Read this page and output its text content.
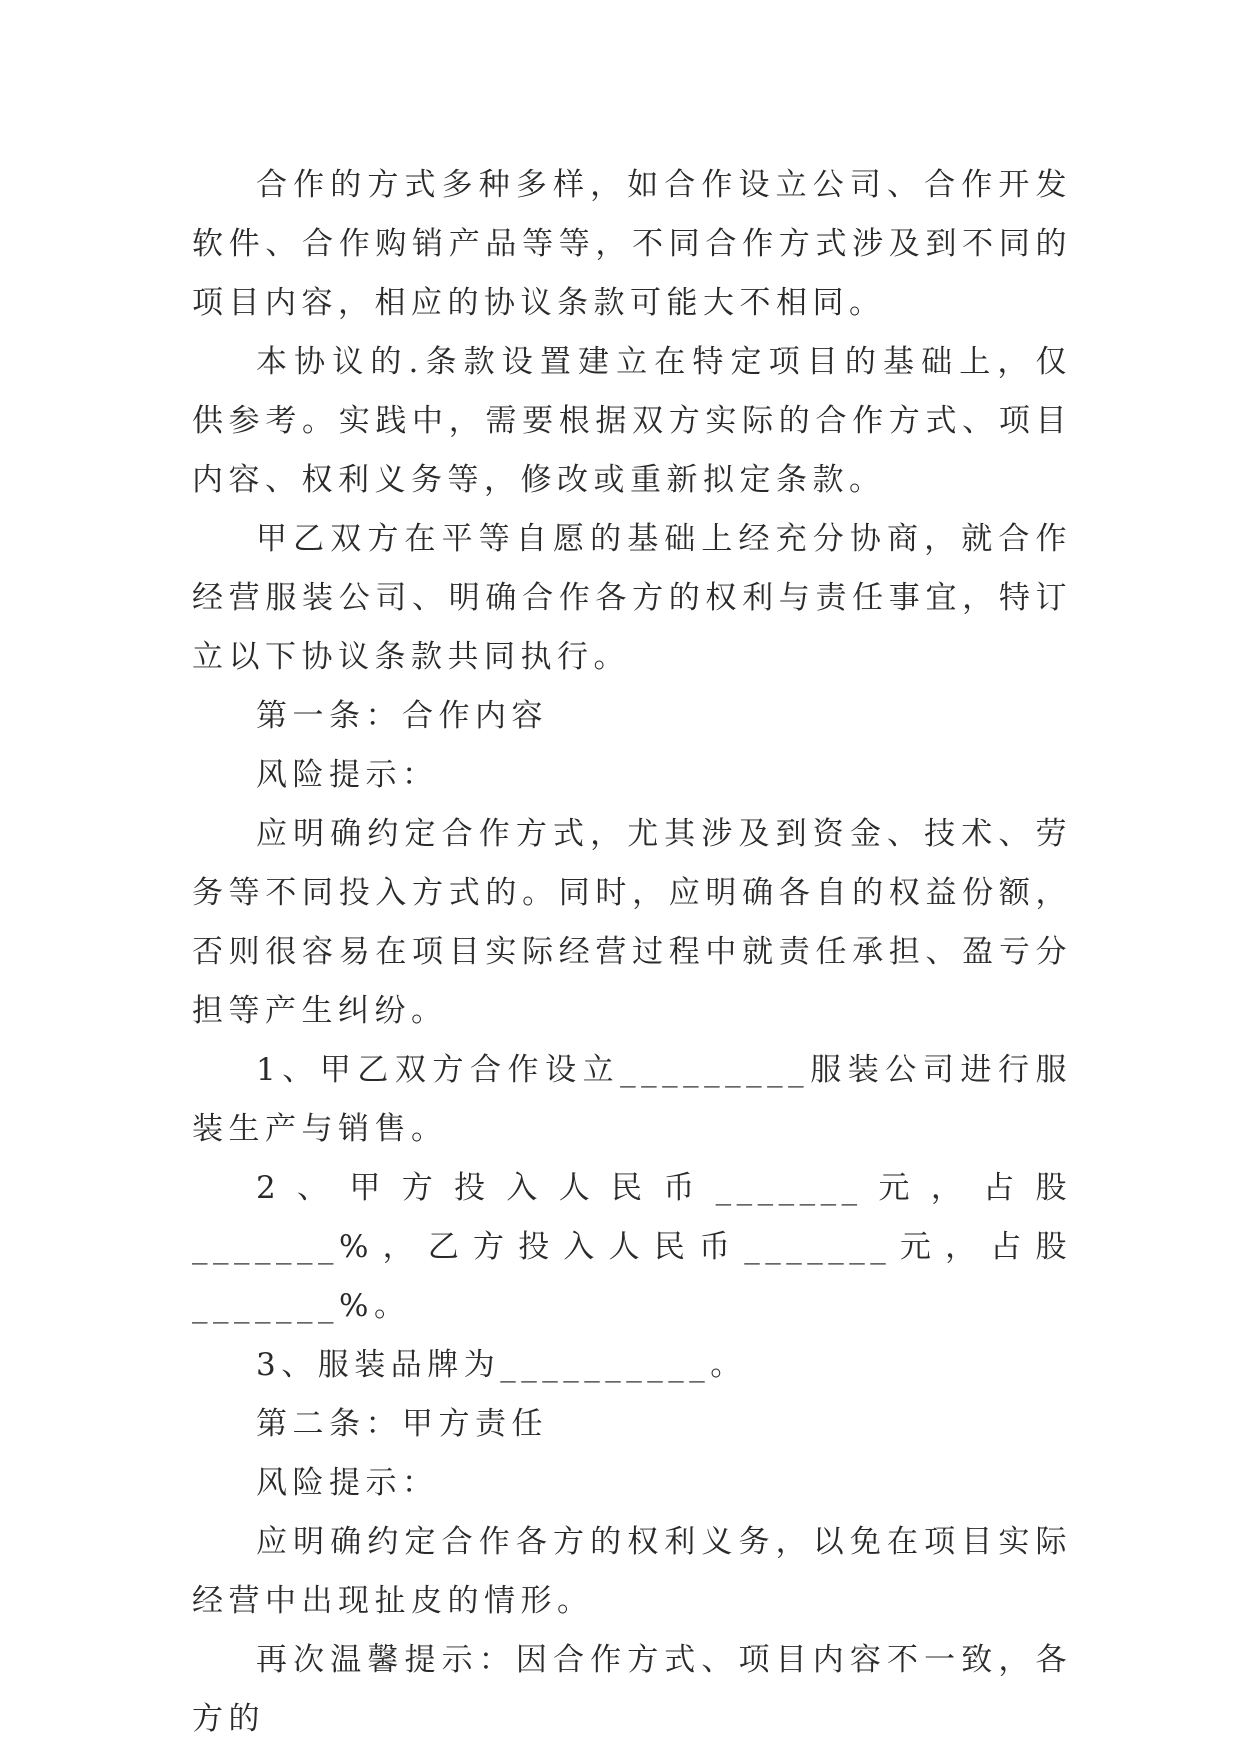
合作的方式多种多样，如合作设立公司、合作开发软件、合作购销产品等等，不同合作方式涉及到不同的项目内容，相应的协议条款可能大不相同。

本协议的.条款设置建立在特定项目的基础上，仅供参考。实践中，需要根据双方实际的合作方式、项目内容、权利义务等，修改或重新拟定条款。

甲乙双方在平等自愿的基础上经充分协商，就合作经营服装公司、明确合作各方的权利与责任事宜，特订立以下协议条款共同执行。

第一条：合作内容

风险提示：

应明确约定合作方式，尤其涉及到资金、技术、劳务等不同投入方式的。同时，应明确各自的权益份额，否则很容易在项目实际经营过程中就责任承担、盈亏分担等产生纠纷。

1、甲乙双方合作设立_________服装公司进行服装生产与销售。

2、甲方投入人民币_______元，占股_______%，乙方投入人民币_______元，占股_______%。

3、服装品牌为__________。

第二条：甲方责任

风险提示：

应明确约定合作各方的权利义务，以免在项目实际经营中出现扯皮的情形。

再次温馨提示：因合作方式、项目内容不一致，各方的
